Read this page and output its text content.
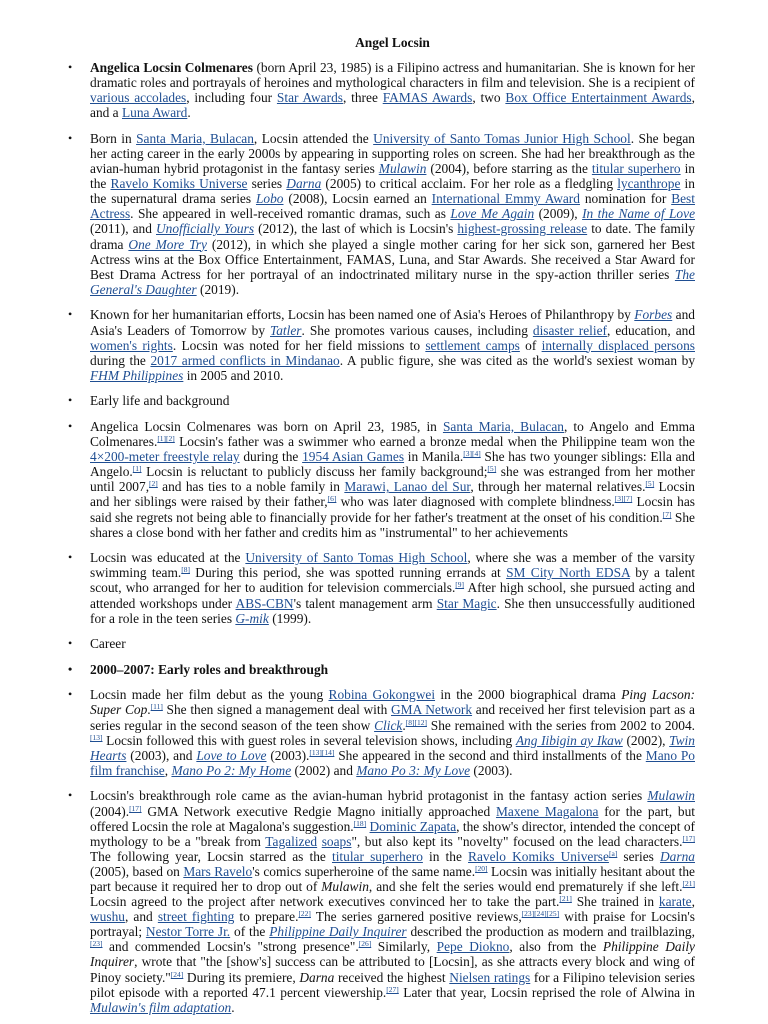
Angel Locsin
• Angelica Locsin Colmenares (born April 23, 1985) is a Filipino actress and humanitarian. She is known for her dramatic roles and portrayals of heroines and mythological characters in film and television. She is a recipient of various accolades, including four Star Awards, three FAMAS Awards, two Box Office Entertainment Awards, and a Luna Award.
• Born in Santa Maria, Bulacan, Locsin attended the University of Santo Tomas Junior High School. She began her acting career in the early 2000s by appearing in supporting roles on screen. She had her breakthrough as the avian-human hybrid protagonist in the fantasy series Mulawin (2004), before starring as the titular superhero in the Ravelo Komiks Universe series Darna (2005) to critical acclaim. For her role as a fledgling lycanthrope in the supernatural drama series Lobo (2008), Locsin earned an International Emmy Award nomination for Best Actress. She appeared in well-received romantic dramas, such as Love Me Again (2009), In the Name of Love (2011), and Unofficially Yours (2012), the last of which is Locsin's highest-grossing release to date. The family drama One More Try (2012), in which she played a single mother caring for her sick son, garnered her Best Actress wins at the Box Office Entertainment, FAMAS, Luna, and Star Awards. She received a Star Award for Best Drama Actress for her portrayal of an indoctrinated military nurse in the spy-action thriller series The General's Daughter (2019).
• Known for her humanitarian efforts, Locsin has been named one of Asia's Heroes of Philanthropy by Forbes and Asia's Leaders of Tomorrow by Tatler. She promotes various causes, including disaster relief, education, and women's rights. Locsin was noted for her field missions to settlement camps of internally displaced persons during the 2017 armed conflicts in Mindanao. A public figure, she was cited as the world's sexiest woman by FHM Philippines in 2005 and 2010.
• Early life and background
• Angelica Locsin Colmenares was born on April 23, 1985, in Santa Maria, Bulacan, to Angelo and Emma Colmenares.[1][2] Locsin's father was a swimmer who earned a bronze medal when the Philippine team won the 4×200-meter freestyle relay during the 1954 Asian Games in Manila.[3][4] She has two younger siblings: Ella and Angelo.[1] Locsin is reluctant to publicly discuss her family background;[5] she was estranged from her mother until 2007,[2] and has ties to a noble family in Marawi, Lanao del Sur, through her maternal relatives.[5] Locsin and her siblings were raised by their father,[6] who was later diagnosed with complete blindness.[3][7] Locsin has said she regrets not being able to financially provide for her father's treatment at the onset of his condition.[7] She shares a close bond with her father and credits him as "instrumental" to her achievements
• Locsin was educated at the University of Santo Tomas High School, where she was a member of the varsity swimming team.[8] During this period, she was spotted running errands at SM City North EDSA by a talent scout, who arranged for her to audition for television commercials.[9] After high school, she pursued acting and attended workshops under ABS-CBN's talent management arm Star Magic. She then unsuccessfully auditioned for a role in the teen series G-mik (1999).
• Career
• 2000–2007: Early roles and breakthrough
• Locsin made her film debut as the young Robina Gokongwei in the 2000 biographical drama Ping Lacson: Super Cop.[11] She then signed a management deal with GMA Network and received her first television part as a series regular in the second season of the teen show Click.[8][12] She remained with the series from 2002 to 2004.[13] Locsin followed this with guest roles in several television shows, including Ang Iibigin ay Ikaw (2002), Twin Hearts (2003), and Love to Love (2003).[13][14] She appeared in the second and third installments of the Mano Po film franchise, Mano Po 2: My Home (2002) and Mano Po 3: My Love (2003).
• Locsin's breakthrough role came as the avian-human hybrid protagonist in the fantasy action series Mulawin (2004).[17] GMA Network executive Redgie Magno initially approached Maxene Magalona for the part, but offered Locsin the role at Magalona's suggestion.[18] Dominic Zapata, the show's director, intended the concept of mythology to be a "break from Tagalized soaps", but also kept its "novelty" focused on the lead characters.[17] The following year, Locsin starred as the titular superhero in the Ravelo Komiks Universe[a] series Darna (2005), based on Mars Ravelo's comics superheroine of the same name.[20] Locsin was initially hesitant about the part because it required her to drop out of Mulawin, and she felt the series would end prematurely if she left.[21] Locsin agreed to the project after network executives convinced her to take the part.[21] She trained in karate, wushu, and street fighting to prepare.[22] The series garnered positive reviews,[23][24][25] with praise for Locsin's portrayal; Nestor Torre Jr. of the Philippine Daily Inquirer described the production as modern and trailblazing,[23] and commended Locsin's "strong presence".[26] Similarly, Pepe Diokno, also from the Philippine Daily Inquirer, wrote that "the [show's] success can be attributed to [Locsin], as she attracts every block and wing of Pinoy society."[24] During its premiere, Darna received the highest Nielsen ratings for a Filipino television series pilot episode with a reported 47.1 percent viewership.[27] Later that year, Locsin reprised the role of Alwina in Mulawin's film adaptation.
